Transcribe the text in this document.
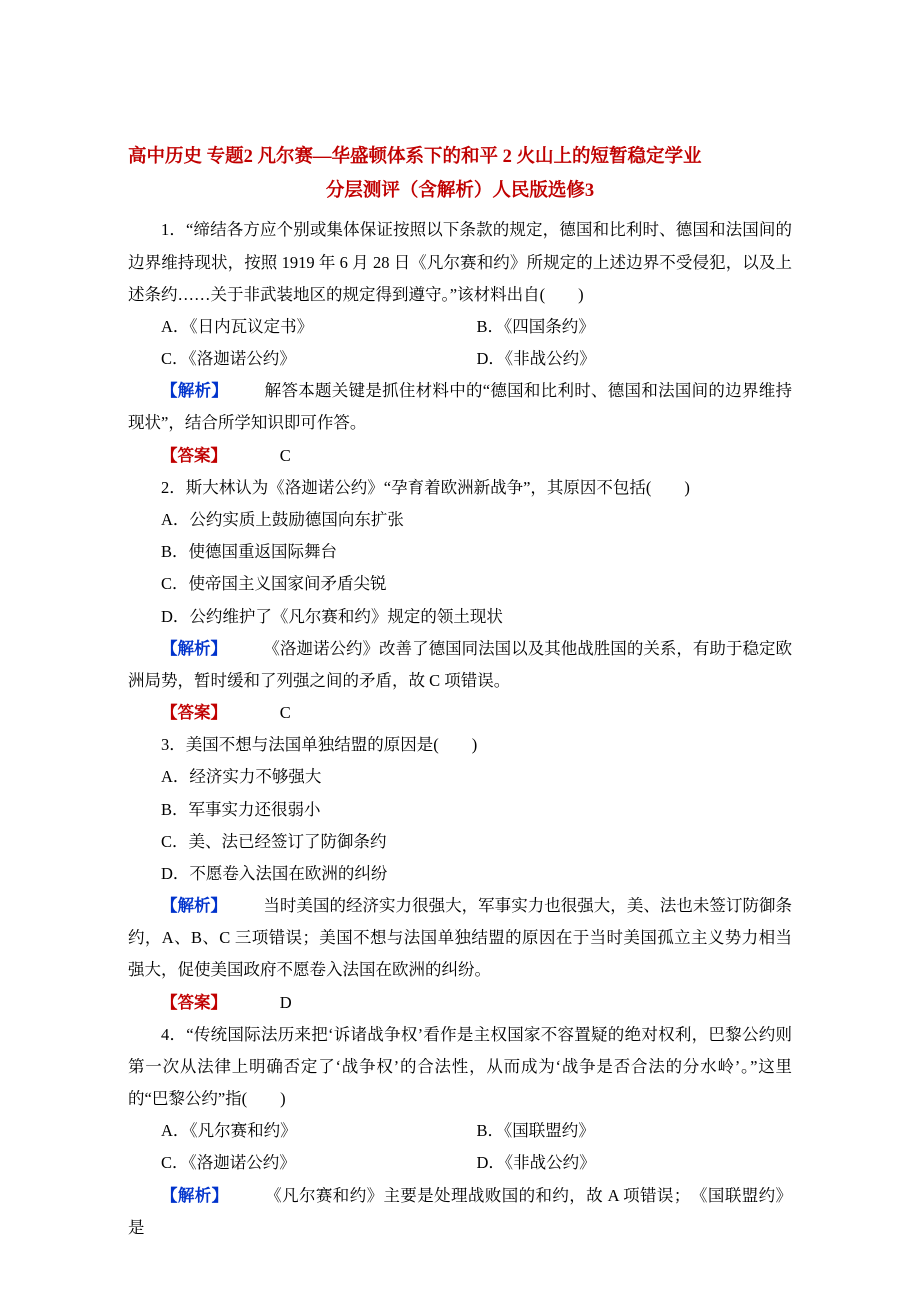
高中历史 专题2 凡尔赛—华盛顿体系下的和平 2 火山上的短暂稳定学业
分层测评（含解析）人民版选修3

1．“缔结各方应个别或集体保证按照以下条款的规定，德国和比利时、德国和法国间的边界维持现状，按照 1919 年 6 月 28 日《凡尔赛和约》所规定的上述边界不受侵犯，以及上述条约……关于非武装地区的规定得到遵守。”该材料出自(　　)

A．《日内瓦议定书》	B．《四国条约》
C．《洛迦诺公约》	D．《非战公约》

【解析】 解答本题关键是抓住材料中的“德国和比利时、德国和法国间的边界维持现状”，结合所学知识即可作答。

【答案】	C

2．斯大林认为《洛迦诺公约》“孕育着欧洲新战争”，其原因不包括(　　)

A．公约实质上鼓励德国向东扩张
B．使德国重返国际舞台
C．使帝国主义国家间矛盾尖锐
D．公约维护了《凡尔赛和约》规定的领土现状

【解析】 《洛迦诺公约》改善了德国同法国以及其他战胜国的关系，有助于稳定欧洲局势，暂时缓和了列强之间的矛盾，故 C 项错误。

【答案】	C

3．美国不想与法国单独结盟的原因是(　　)

A．经济实力不够强大
B．军事实力还很弱小
C．美、法已经签订了防御条约
D．不愿卷入法国在欧洲的纠纷

【解析】 当时美国的经济实力很强大，军事实力也很强大，美、法也未签订防御条约，A、B、C 三项错误；美国不想与法国单独结盟的原因在于当时美国孤立主义势力相当强大，促使美国政府不愿卷入法国在欧洲的纠纷。

【答案】	D

4．“传统国际法历来把‘诉诸战争权’看作是主权国家不容置疑的绝对权利，巴黎公约则第一次从法律上明确否定了‘战争权’的合法性，从而成为‘战争是否合法的分水岭’。”这里的“巴黎公约”指(　　)

A．《凡尔赛和约》	B．《国联盟约》
C．《洛迦诺公约》	D．《非战公约》

【解析】 《凡尔赛和约》主要是处理战败国的和约，故 A 项错误；　《国联盟约》是
